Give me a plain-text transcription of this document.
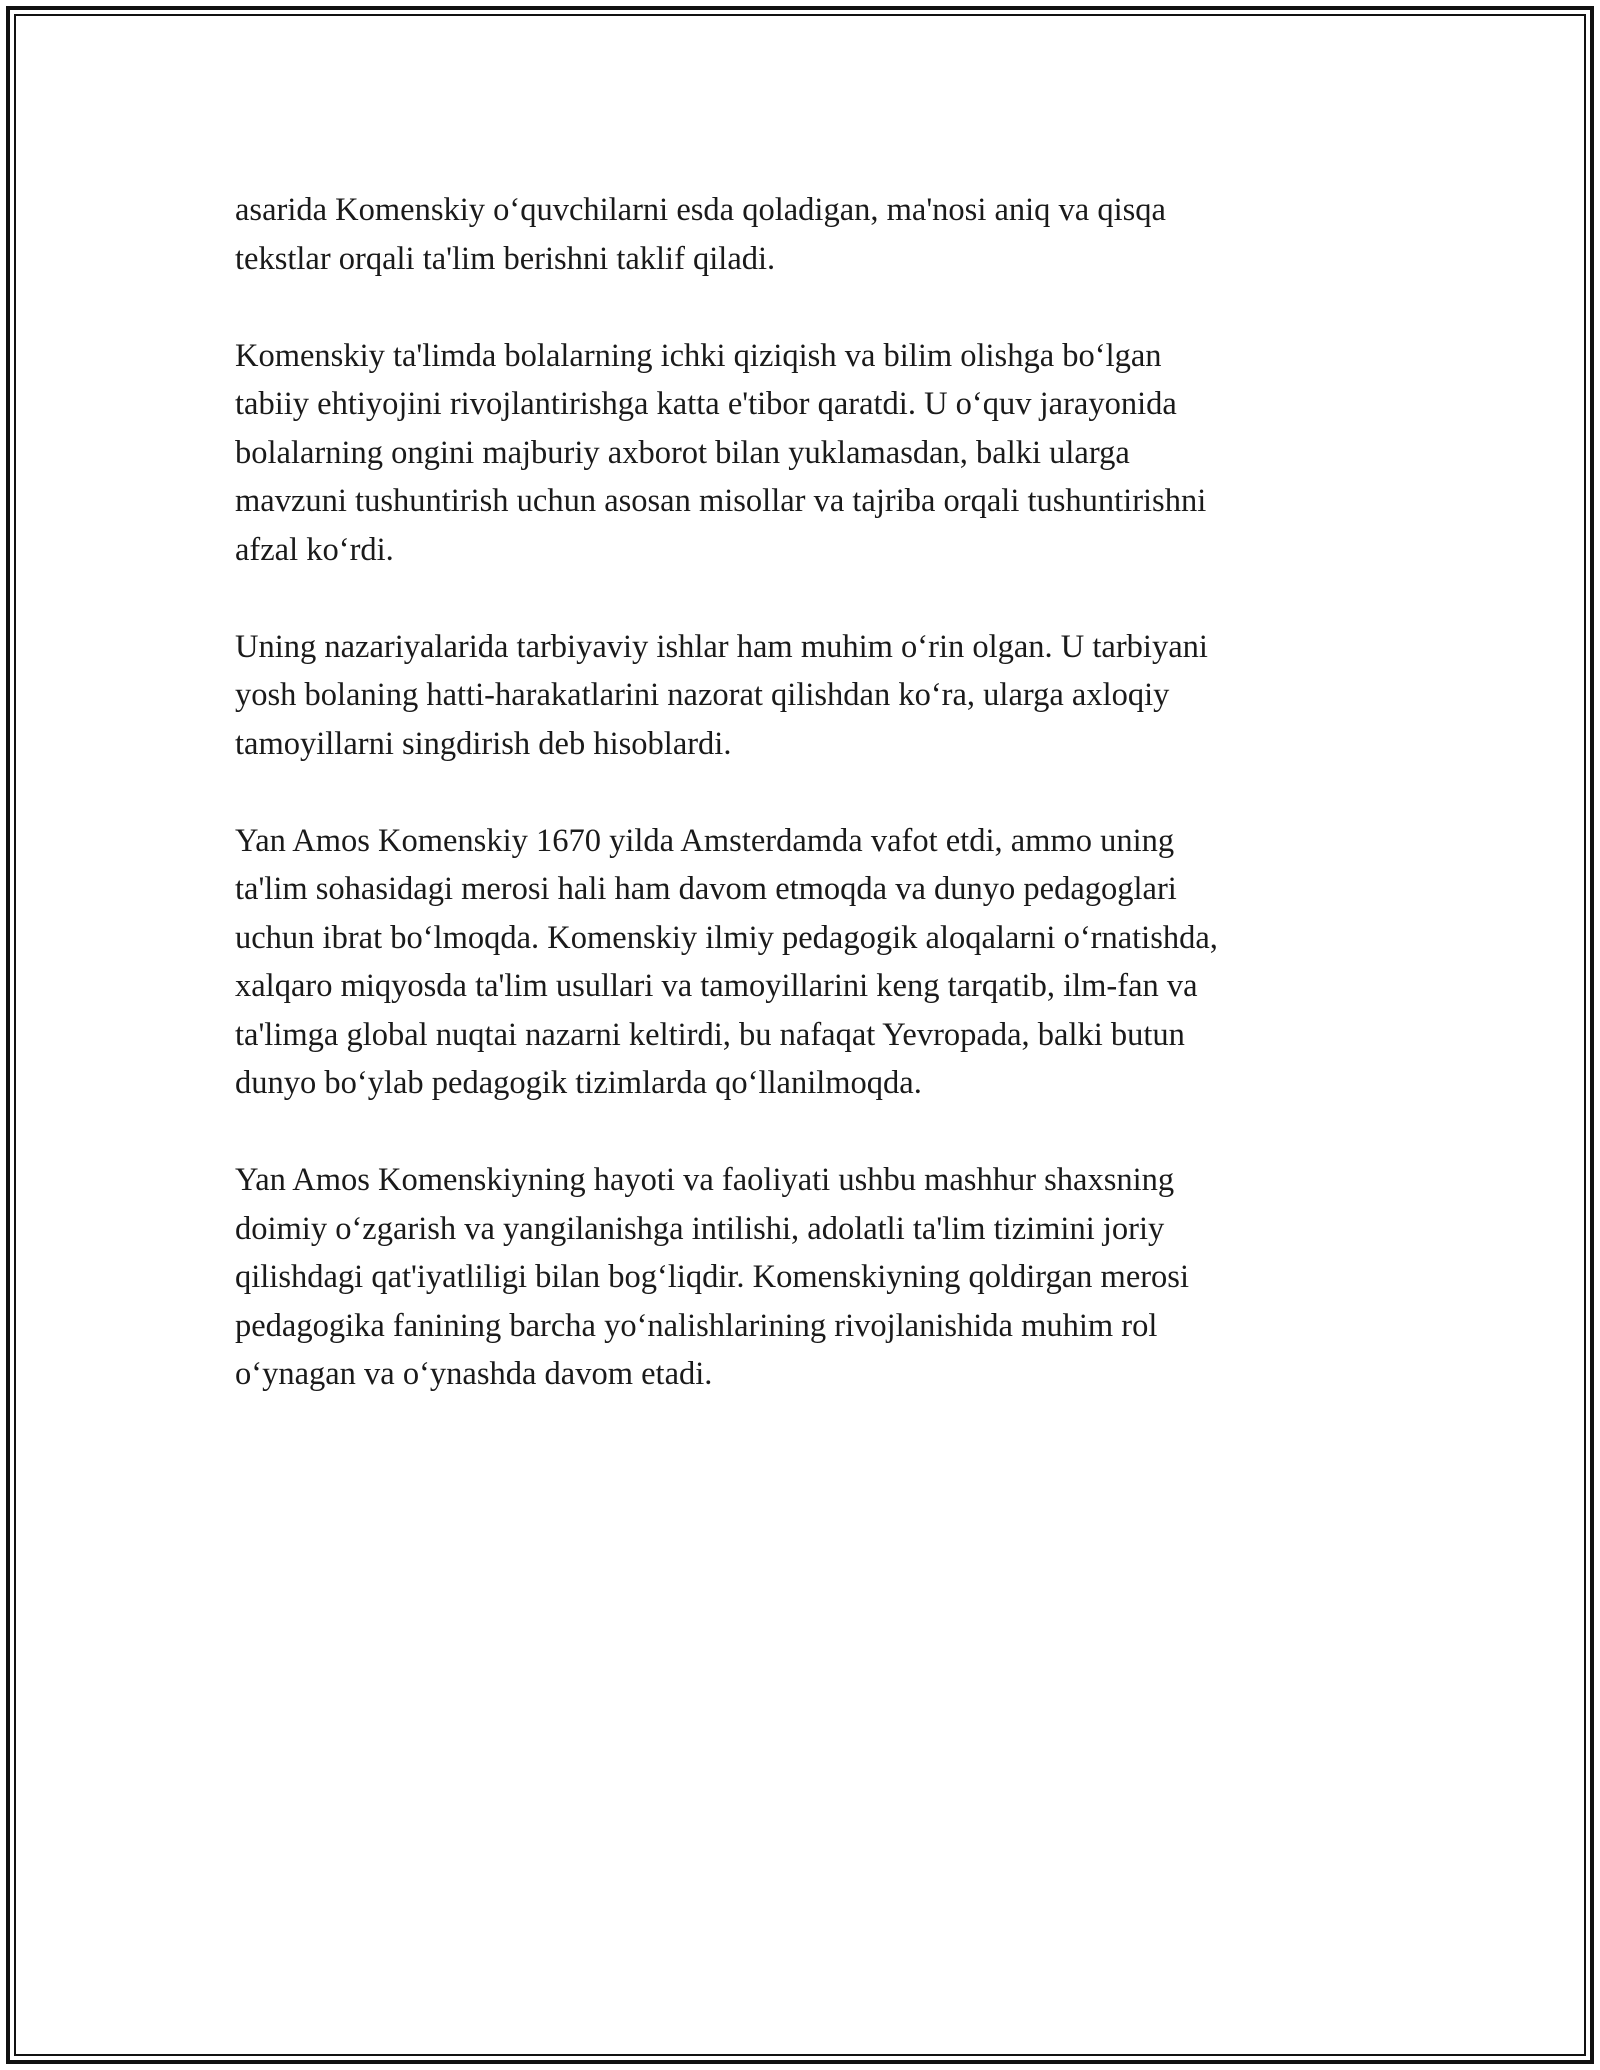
asarida Komenskiy o‘quvchilarni esda qoladigan, ma'nosi aniq va qisqa
tekstlar orqali ta'lim berishni taklif qiladi.

Komenskiy ta'limda bolalarning ichki qiziqish va bilim olishga bo‘lgan
tabiiy ehtiyojini rivojlantirishga katta e'tibor qaratdi. U o‘quv jarayonida
bolalarning ongini majburiy axborot bilan yuklamasdan, balki ularga
mavzuni tushuntirish uchun asosan misollar va tajriba orqali tushuntirishni
afzal ko‘rdi.

Uning nazariyalarida tarbiyaviy ishlar ham muhim o‘rin olgan. U tarbiyani
yosh bolaning hatti-harakatlarini nazorat qilishdan ko‘ra, ularga axloqiy
tamoyillarni singdirish deb hisoblardi.

Yan Amos Komenskiy 1670 yilda Amsterdamda vafot etdi, ammo uning
ta'lim sohasidagi merosi hali ham davom etmoqda va dunyo pedagoglari
uchun ibrat bo‘lmoqda. Komenskiy ilmiy pedagogik aloqalarni o‘rnatishda,
xalqaro miqyosda ta'lim usullari va tamoyillarini keng tarqatib, ilm-fan va
ta'limga global nuqtai nazarni keltirdi, bu nafaqat Yevropada, balki butun
dunyo bo‘ylab pedagogik tizimlarda qo‘llanilmoqda.

Yan Amos Komenskiyning hayoti va faoliyati ushbu mashhur shaxsning
doimiy o‘zgarish va yangilanishga intilishi, adolatli ta'lim tizimini joriy
qilishdagi qat'iyatliligi bilan bog‘liqdir. Komenskiyning qoldirgan merosi
pedagogika fanining barcha yo‘nalishlarining rivojlanishida muhim rol
o‘ynagan va o‘ynashda davom etadi.
